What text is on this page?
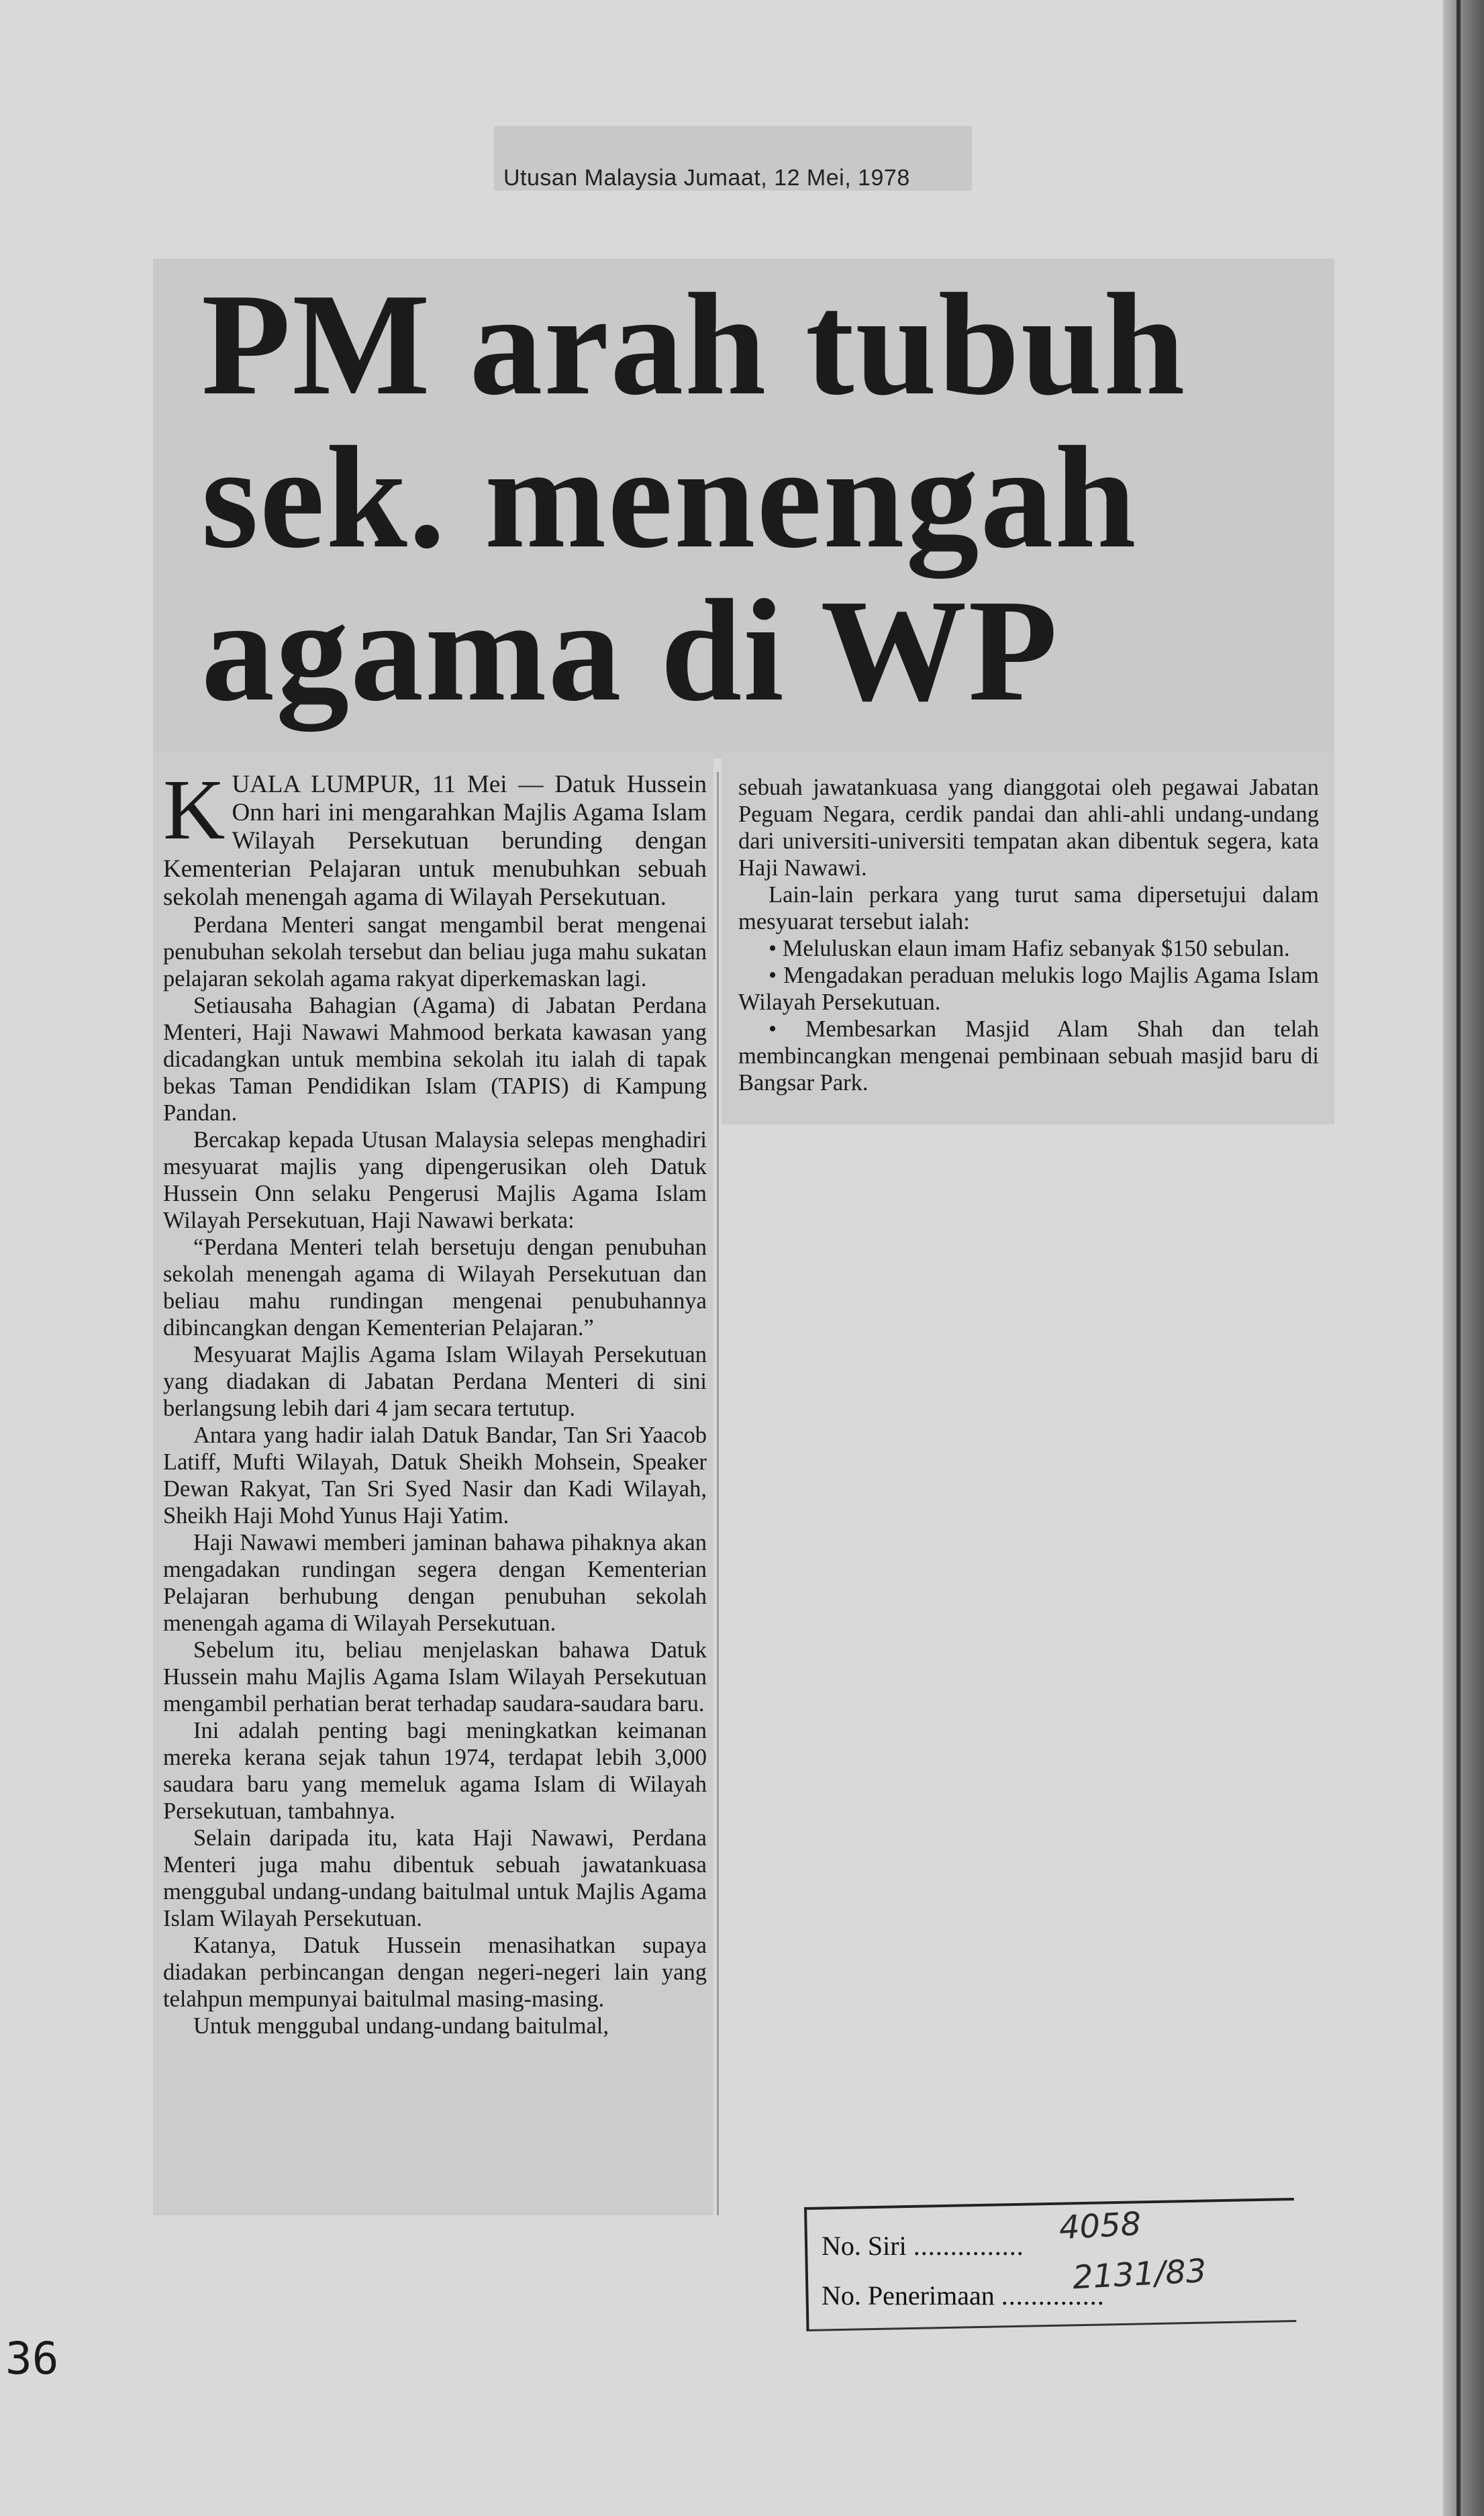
Utusan Malaysia Jumaat, 12 Mei, 1978
PM arah tubuh
sek. menengah
agama di WP

KUALA LUMPUR, 11 Mei — Datuk Hussein Onn hari ini mengarahkan Majlis Agama Islam Wilayah Persekutuan berunding dengan Kementerian Pelajaran untuk menubuhkan sebuah sekolah menengah agama di Wilayah Persekutuan.

Perdana Menteri sangat mengambil berat mengenai penubuhan sekolah tersebut dan beliau juga mahu sukatan pelajaran sekolah agama rakyat diperkemaskan lagi.

Setiausaha Bahagian (Agama) di Jabatan Perdana Menteri, Haji Nawawi Mahmood berkata kawasan yang dicadangkan untuk membina sekolah itu ialah di tapak bekas Taman Pendidikan Islam (TAPIS) di Kampung Pandan.

Bercakap kepada Utusan Malaysia selepas menghadiri mesyuarat majlis yang dipengerusikan oleh Datuk Hussein Onn selaku Pengerusi Majlis Agama Islam Wilayah Persekutuan, Haji Nawawi berkata:

“Perdana Menteri telah bersetuju dengan penubuhan sekolah menengah agama di Wilayah Persekutuan dan beliau mahu rundingan mengenai penubuhannya dibincangkan dengan Kementerian Pelajaran.”

Mesyuarat Majlis Agama Islam Wilayah Persekutuan yang diadakan di Jabatan Perdana Menteri di sini berlangsung lebih dari 4 jam secara tertutup.

Antara yang hadir ialah Datuk Bandar, Tan Sri Yaacob Latiff, Mufti Wilayah, Datuk Sheikh Mohsein, Speaker Dewan Rakyat, Tan Sri Syed Nasir dan Kadi Wilayah, Sheikh Haji Mohd Yunus Haji Yatim.

Haji Nawawi memberi jaminan bahawa pihaknya akan mengadakan rundingan segera dengan Kementerian Pelajaran berhubung dengan penubuhan sekolah menengah agama di Wilayah Persekutuan.

Sebelum itu, beliau menjelaskan bahawa Datuk Hussein mahu Majlis Agama Islam Wilayah Persekutuan mengambil perhatian berat terhadap saudara-saudara baru.

Ini adalah penting bagi meningkatkan keimanan mereka kerana sejak tahun 1974, terdapat lebih 3,000 saudara baru yang memeluk agama Islam di Wilayah Persekutuan, tambahnya.

Selain daripada itu, kata Haji Nawawi, Perdana Menteri juga mahu dibentuk sebuah jawatankuasa menggubal undang-undang baitulmal untuk Majlis Agama Islam Wilayah Persekutuan.

Katanya, Datuk Hussein menasihatkan supaya diadakan perbincangan dengan negeri-negeri lain yang telahpun mempunyai baitulmal masing-masing.

Untuk menggubal undang-undang baitulmal,

sebuah jawatankuasa yang dianggotai oleh pegawai Jabatan Peguam Negara, cerdik pandai dan ahli-ahli undang-undang dari universiti-universiti tempatan akan dibentuk segera, kata Haji Nawawi.

Lain-lain perkara yang turut sama dipersetujui dalam mesyuarat tersebut ialah:

• Meluluskan elaun imam Hafiz sebanyak $150 sebulan.

• Mengadakan peraduan melukis logo Majlis Agama Islam Wilayah Persekutuan.

• Membesarkan Masjid Alam Shah dan telah membincangkan mengenai pembinaan sebuah masjid baru di Bangsar Park.

No. Siri ............... 4058
No. Penerimaan ..............
2131/83
36
